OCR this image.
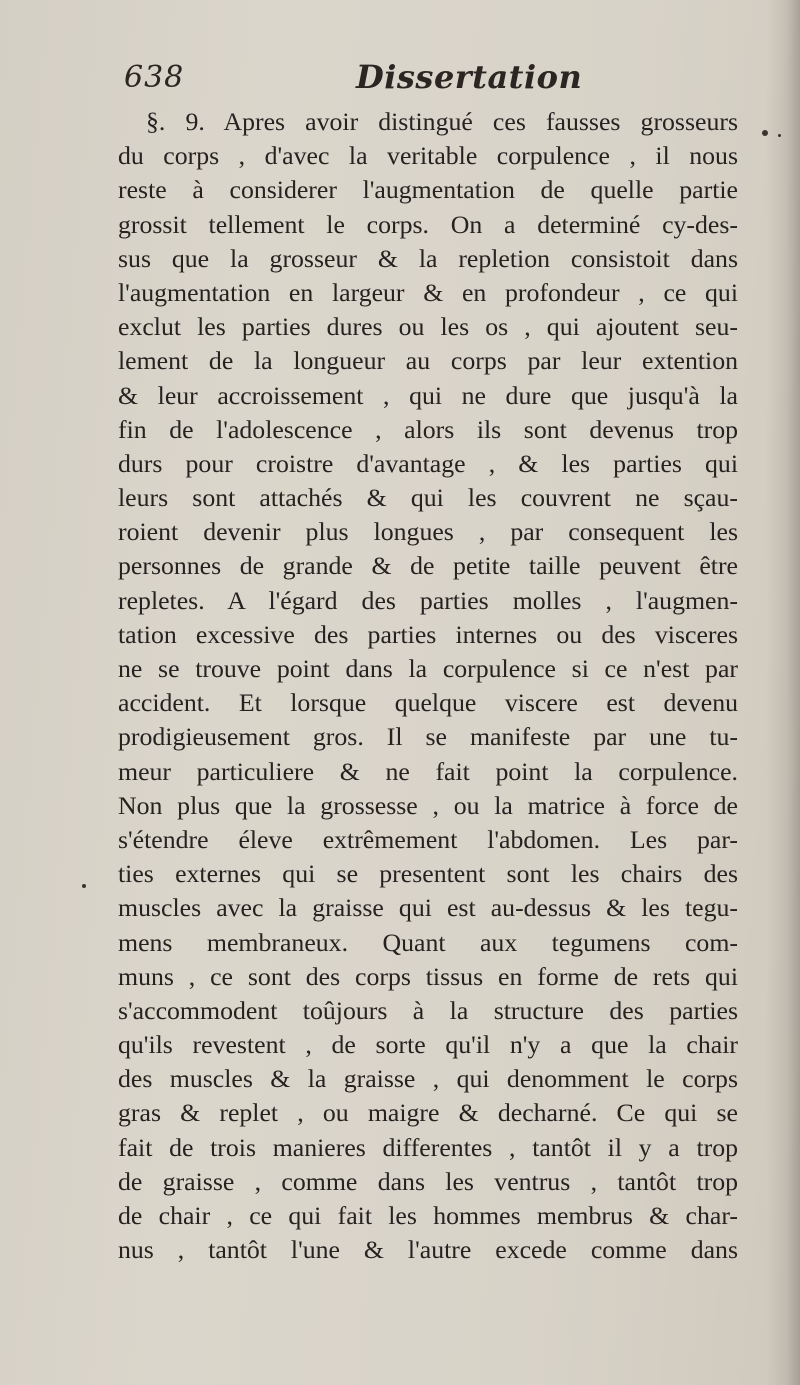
638	Dissertation
§. 9. Apres avoir distingué ces fausses grosseurs
du corps , d'avec la veritable corpulence , il nous
reste à considerer l'augmentation de quelle partie
grossit tellement le corps. On a determiné cy-des-
sus que la grosseur & la repletion consistoit dans
l'augmentation en largeur & en profondeur , ce qui
exclut les parties dures ou les os , qui ajoutent seu-
lement de la longueur au corps par leur extention
& leur accroissement , qui ne dure que jusqu'à la
fin de l'adolescence , alors ils sont devenus trop
durs pour croistre d'avantage , & les parties qui
leurs sont attachés & qui les couvrent ne sçau-
roient devenir plus longues , par consequent les
personnes de grande & de petite taille peuvent être
repletes. A l'égard des parties molles , l'augmen-
tation excessive des parties internes ou des visceres
ne se trouve point dans la corpulence si ce n'est par
accident. Et lorsque quelque viscere est devenu
prodigieusement gros. Il se manifeste par une tu-
meur particuliere & ne fait point la corpulence.
Non plus que la grossesse , ou la matrice à force de
s'étendre éleve extrêmement l'abdomen. Les par-
ties externes qui se presentent sont les chairs des
muscles avec la graisse qui est au-dessus & les tegu-
mens membraneux. Quant aux tegumens com-
muns , ce sont des corps tissus en forme de rets qui
s'accommodent toûjours à la structure des parties
qu'ils revestent , de sorte qu'il n'y a que la chair
des muscles & la graisse , qui denomment le corps
gras & replet , ou maigre & decharné. Ce qui se
fait de trois manieres differentes , tantôt il y a trop
de graisse , comme dans les ventrus , tantôt trop
de chair , ce qui fait les hommes membrus & char-
nus , tantôt l'une & l'autre excede comme dans
